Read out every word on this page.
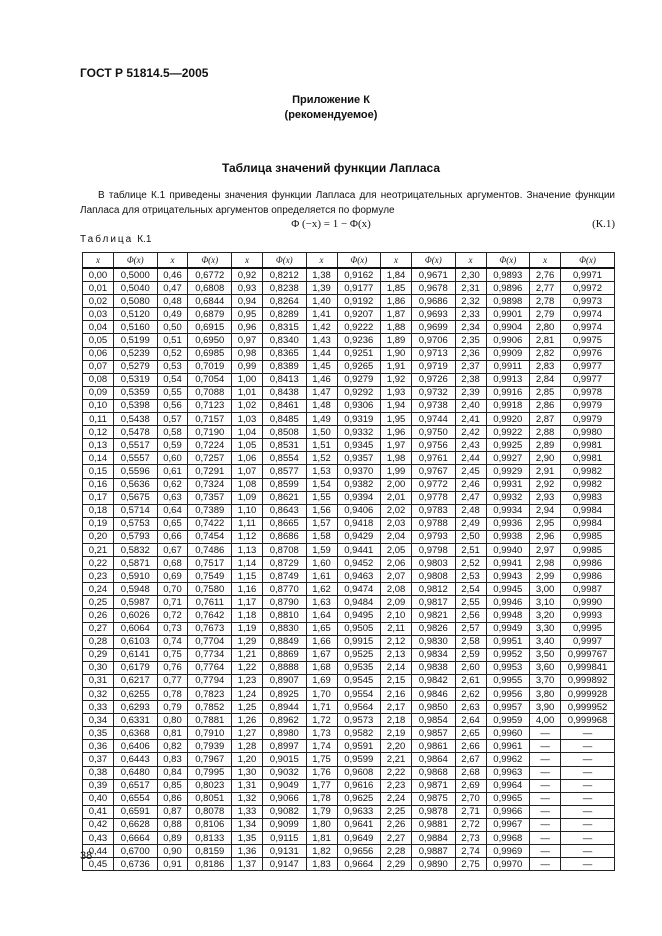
ГОСТ Р 51814.5—2005
Приложение К
(рекомендуемое)
Таблица значений функции Лапласа
В таблице К.1 приведены значения функции Лапласа для неотрицательных аргументов. Значение функции Лапласа для отрицательных аргументов определяется по формуле
Φ (−x) = 1 − Φ(x)	(К.1)
Таблица К.1
x	Φ(x)	x	Φ(x)	x	Φ(x)	x	Φ(x)	x	Φ(x)	x	Φ(x)	x	Φ(x)
0,00	0,5000	0,46	0,6772	0,92	0,8212	1,38	0,9162	1,84	0,9671	2,30	0,9893	2,76	0,9971
0,01	0,5040	0,47	0,6808	0,93	0,8238	1,39	0,9177	1,85	0,9678	2,31	0,9896	2,77	0,9972
0,02	0,5080	0,48	0,6844	0,94	0,8264	1,40	0,9192	1,86	0,9686	2,32	0,9898	2,78	0,9973
0,03	0,5120	0,49	0,6879	0,95	0,8289	1,41	0,9207	1,87	0,9693	2,33	0,9901	2,79	0,9974
0,04	0,5160	0,50	0,6915	0,96	0,8315	1,42	0,9222	1,88	0,9699	2,34	0,9904	2,80	0,9974
0,05	0,5199	0,51	0,6950	0,97	0,8340	1,43	0,9236	1,89	0,9706	2,35	0,9906	2,81	0,9975
0,06	0,5239	0,52	0,6985	0,98	0,8365	1,44	0,9251	1,90	0,9713	2,36	0,9909	2,82	0,9976
0,07	0,5279	0,53	0,7019	0,99	0,8389	1,45	0,9265	1,91	0,9719	2,37	0,9911	2,83	0,9977
0,08	0,5319	0,54	0,7054	1,00	0,8413	1,46	0,9279	1,92	0,9726	2,38	0,9913	2,84	0,9977
0,09	0,5359	0,55	0,7088	1,01	0,8438	1,47	0,9292	1,93	0,9732	2,39	0,9916	2,85	0,9978
0,10	0,5398	0,56	0,7123	1,02	0,8461	1,48	0,9306	1,94	0,9738	2,40	0,9918	2,86	0,9979
0,11	0,5438	0,57	0,7157	1,03	0,8485	1,49	0,9319	1,95	0,9744	2,41	0,9920	2,87	0,9979
0,12	0,5478	0,58	0,7190	1,04	0,8508	1,50	0,9332	1,96	0,9750	2,42	0,9922	2,88	0,9980
0,13	0,5517	0,59	0,7224	1,05	0,8531	1,51	0,9345	1,97	0,9756	2,43	0,9925	2,89	0,9981
0,14	0,5557	0,60	0,7257	1,06	0,8554	1,52	0,9357	1,98	0,9761	2,44	0,9927	2,90	0,9981
0,15	0,5596	0,61	0,7291	1,07	0,8577	1,53	0,9370	1,99	0,9767	2,45	0,9929	2,91	0,9982
0,16	0,5636	0,62	0,7324	1,08	0,8599	1,54	0,9382	2,00	0,9772	2,46	0,9931	2,92	0,9982
0,17	0,5675	0,63	0,7357	1,09	0,8621	1,55	0,9394	2,01	0,9778	2,47	0,9932	2,93	0,9983
0,18	0,5714	0,64	0,7389	1,10	0,8643	1,56	0,9406	2,02	0,9783	2,48	0,9934	2,94	0,9984
0,19	0,5753	0,65	0,7422	1,11	0,8665	1,57	0,9418	2,03	0,9788	2,49	0,9936	2,95	0,9984
0,20	0,5793	0,66	0,7454	1,12	0,8686	1,58	0,9429	2,04	0,9793	2,50	0,9938	2,96	0,9985
0,21	0,5832	0,67	0,7486	1,13	0,8708	1,59	0,9441	2,05	0,9798	2,51	0,9940	2,97	0,9985
0,22	0,5871	0,68	0,7517	1,14	0,8729	1,60	0,9452	2,06	0,9803	2,52	0,9941	2,98	0,9986
0,23	0,5910	0,69	0,7549	1,15	0,8749	1,61	0,9463	2,07	0,9808	2,53	0,9943	2,99	0,9986
0,24	0,5948	0,70	0,7580	1,16	0,8770	1,62	0,9474	2,08	0,9812	2,54	0,9945	3,00	0,9987
0,25	0,5987	0,71	0,7611	1,17	0,8790	1,63	0,9484	2,09	0,9817	2,55	0,9946	3,10	0,9990
0,26	0,6026	0,72	0,7642	1,18	0,8810	1,64	0,9495	2,10	0,9821	2,56	0,9948	3,20	0,9993
0,27	0,6064	0,73	0,7673	1,19	0,8830	1,65	0,9505	2,11	0,9826	2,57	0,9949	3,30	0,9995
0,28	0,6103	0,74	0,7704	1,29	0,8849	1,66	0,9915	2,12	0,9830	2,58	0,9951	3,40	0,9997
0,29	0,6141	0,75	0,7734	1,21	0,8869	1,67	0,9525	2,13	0,9834	2,59	0,9952	3,50	0,999767
0,30	0,6179	0,76	0,7764	1,22	0,8888	1,68	0,9535	2,14	0,9838	2,60	0,9953	3,60	0,999841
0,31	0,6217	0,77	0,7794	1,23	0,8907	1,69	0,9545	2,15	0,9842	2,61	0,9955	3,70	0,999892
0,32	0,6255	0,78	0,7823	1,24	0,8925	1,70	0,9554	2,16	0,9846	2,62	0,9956	3,80	0,999928
0,33	0,6293	0,79	0,7852	1,25	0,8944	1,71	0,9564	2,17	0,9850	2,63	0,9957	3,90	0,999952
0,34	0,6331	0,80	0,7881	1,26	0,8962	1,72	0,9573	2,18	0,9854	2,64	0,9959	4,00	0,999968
0,35	0,6368	0,81	0,7910	1,27	0,8980	1,73	0,9582	2,19	0,9857	2,65	0,9960	—	—
0,36	0,6406	0,82	0,7939	1,28	0,8997	1,74	0,9591	2,20	0,9861	2,66	0,9961	—	—
0,37	0,6443	0,83	0,7967	1,20	0,9015	1,75	0,9599	2,21	0,9864	2,67	0,9962	—	—
0,38	0,6480	0,84	0,7995	1,30	0,9032	1,76	0,9608	2,22	0,9868	2,68	0,9963	—	—
0,39	0,6517	0,85	0,8023	1,31	0,9049	1,77	0,9616	2,23	0,9871	2,69	0,9964	—	—
0,40	0,6554	0,86	0,8051	1,32	0,9066	1,78	0,9625	2,24	0,9875	2,70	0,9965	—	—
0,41	0,6591	0,87	0,8078	1,33	0,9082	1,79	0,9633	2,25	0,9878	2,71	0,9966	—	—
0,42	0,6628	0,88	0,8106	1,34	0,9099	1,80	0,9641	2,26	0,9881	2,72	0,9967	—	—
0,43	0,6664	0,89	0,8133	1,35	0,9115	1,81	0,9649	2,27	0,9884	2,73	0,9968	—	—
0,44	0,6700	0,90	0,8159	1,36	0,9131	1,82	0,9656	2,28	0,9887	2,74	0,9969	—	—
0,45	0,6736	0,91	0,8186	1,37	0,9147	1,83	0,9664	2,29	0,9890	2,75	0,9970	—	—
38
